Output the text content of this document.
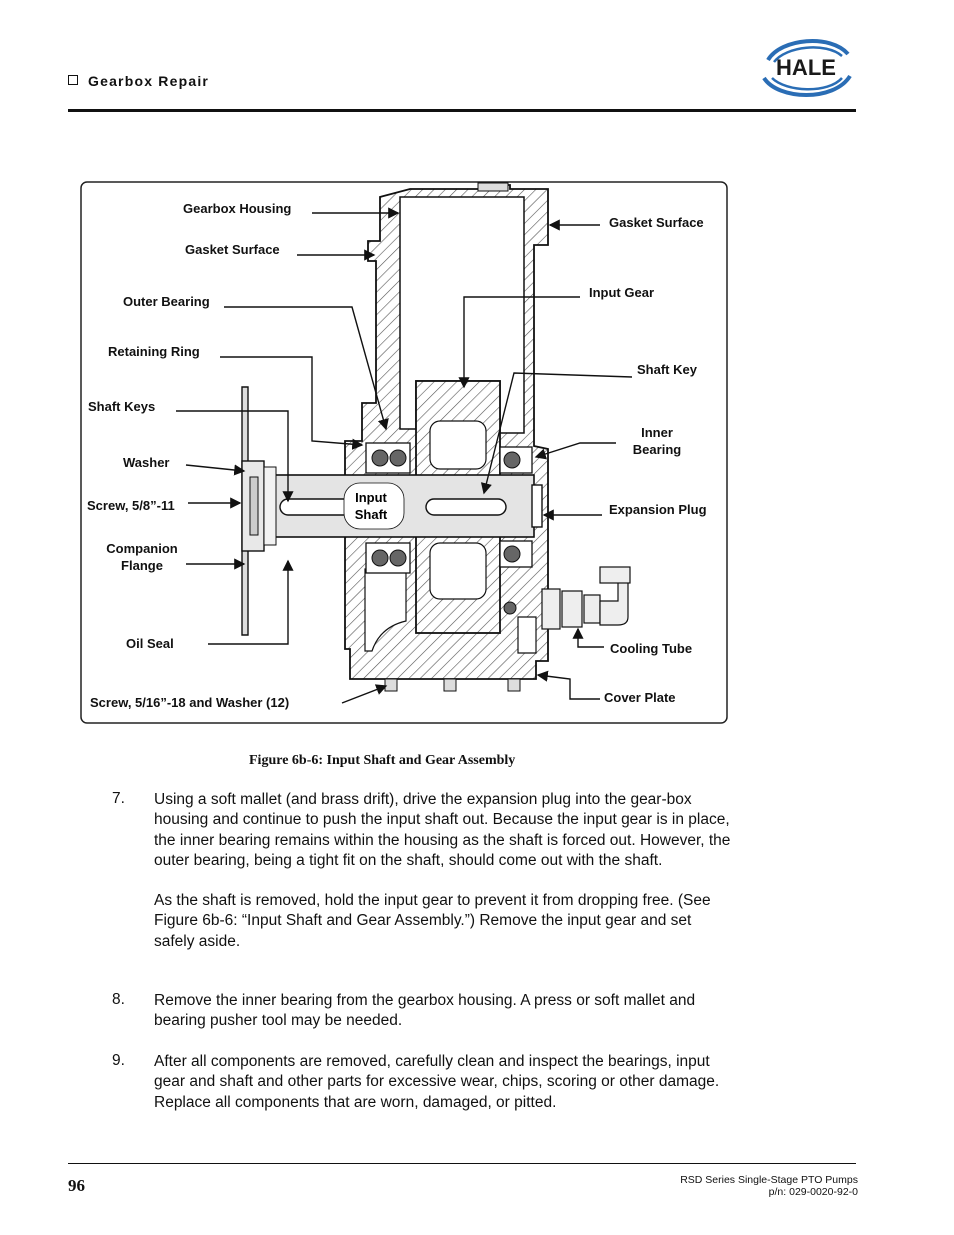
Gearbox Repair
HALE
Input
Shaft
Gearbox Housing
Gasket Surface
Outer Bearing
Retaining Ring
Shaft Keys
Washer
Screw, 5/8”-11
Companion
Flange
Oil Seal
Screw, 5/16”-18 and Washer (12)
Gasket Surface
Input Gear
Shaft Key
Inner
Bearing
Expansion Plug
Cooling Tube
Cover Plate
Figure 6b-6: Input Shaft and Gear Assembly
7. Using a soft mallet (and brass drift), drive the expansion plug into the gear-box housing and continue to push the input shaft out. Because the input gear is in place, the inner bearing remains within the housing as the shaft is forced out. However, the outer bearing, being a tight fit on the shaft, should come out with the shaft.

As the shaft is removed, hold the input gear to prevent it from dropping free. (See Figure 6b-6: “Input Shaft and Gear Assembly.”) Remove the input gear and set safely aside.

8. Remove the inner bearing from the gearbox housing. A press or soft mallet and bearing pusher tool may be needed.

9. After all components are removed, carefully clean and inspect the bearings, input gear and shaft and other parts for excessive wear, chips, scoring or other damage. Replace all components that are worn, damaged, or pitted.

96	RSD Series Single-Stage PTO Pumps
p/n: 029-0020-92-0
